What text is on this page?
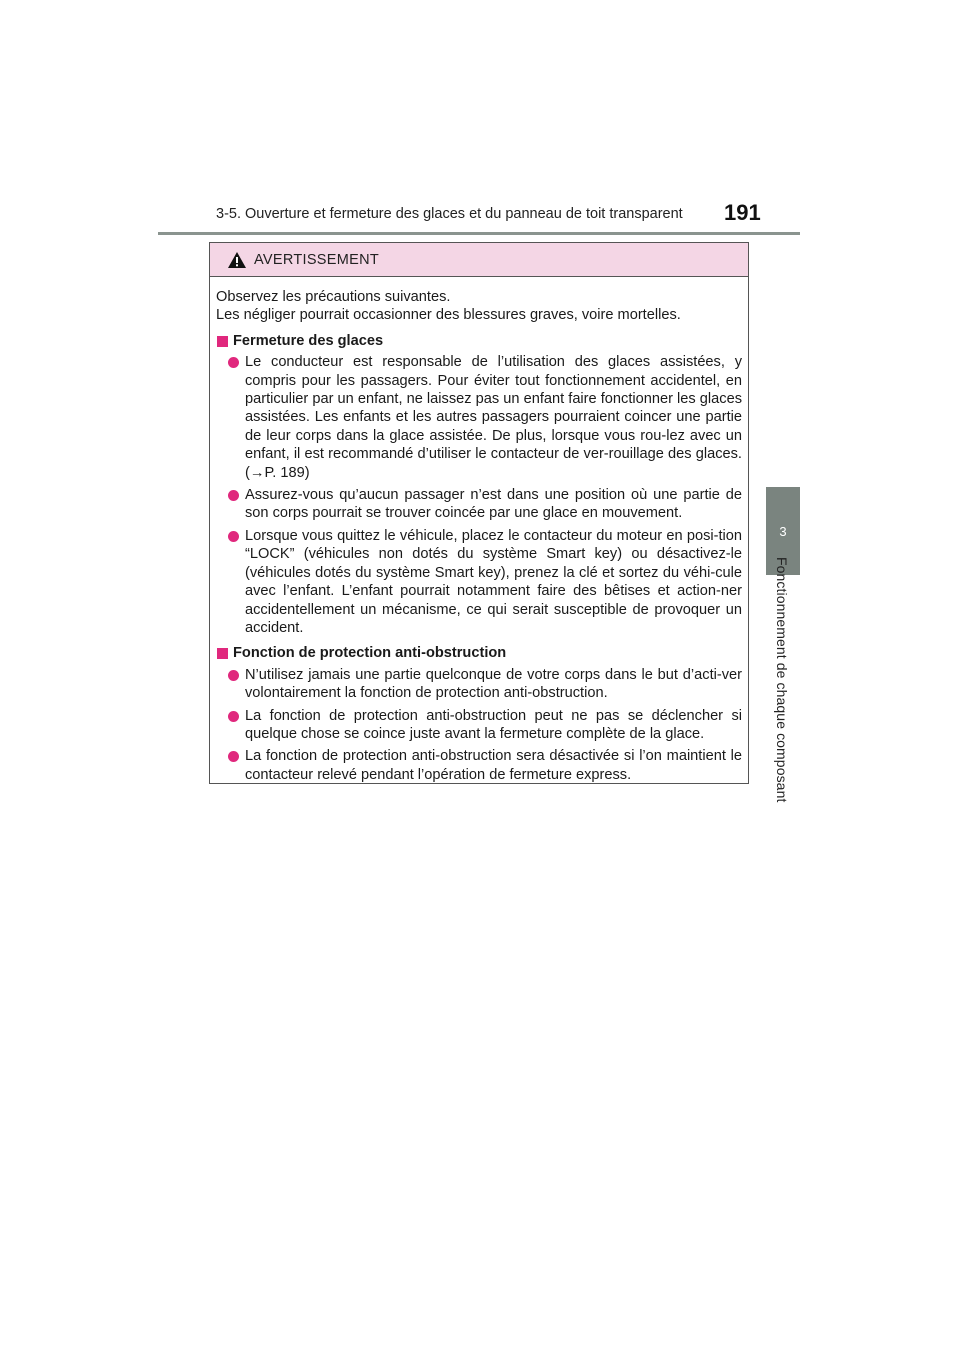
3-5. Ouverture et fermeture des glaces et du panneau de toit transparent 191
3
Fonctionnement de chaque composant
AVERTISSEMENT

Observez les précautions suivantes.

Les négliger pourrait occasionner des blessures graves, voire mortelles.

Fermeture des glaces
Le conducteur est responsable de l’utilisation des glaces assistées, y compris pour les passagers. Pour éviter tout fonctionnement accidentel, en particulier par un enfant, ne laissez pas un enfant faire fonctionner les glaces assistées. Les enfants et les autres passagers pourraient coincer une partie de leur corps dans la glace assistée. De plus, lorsque vous rou-lez avec un enfant, il est recommandé d’utiliser le contacteur de ver-rouillage des glaces. (→P. 189)
Assurez-vous qu’aucun passager n’est dans une position où une partie de son corps pourrait se trouver coincée par une glace en mouvement.
Lorsque vous quittez le véhicule, placez le contacteur du moteur en posi-tion “LOCK” (véhicules non dotés du système Smart key) ou désactivez-le (véhicules dotés du système Smart key), prenez la clé et sortez du véhi-cule avec l’enfant. L’enfant pourrait notamment faire des bêtises et action-ner accidentellement un mécanisme, ce qui serait susceptible de provoquer un accident.
Fonction de protection anti-obstruction
N’utilisez jamais une partie quelconque de votre corps dans le but d’acti-ver volontairement la fonction de protection anti-obstruction.
La fonction de protection anti-obstruction peut ne pas se déclencher si quelque chose se coince juste avant la fermeture complète de la glace.
La fonction de protection anti-obstruction sera désactivée si l’on maintient le contacteur relevé pendant l’opération de fermeture express.
